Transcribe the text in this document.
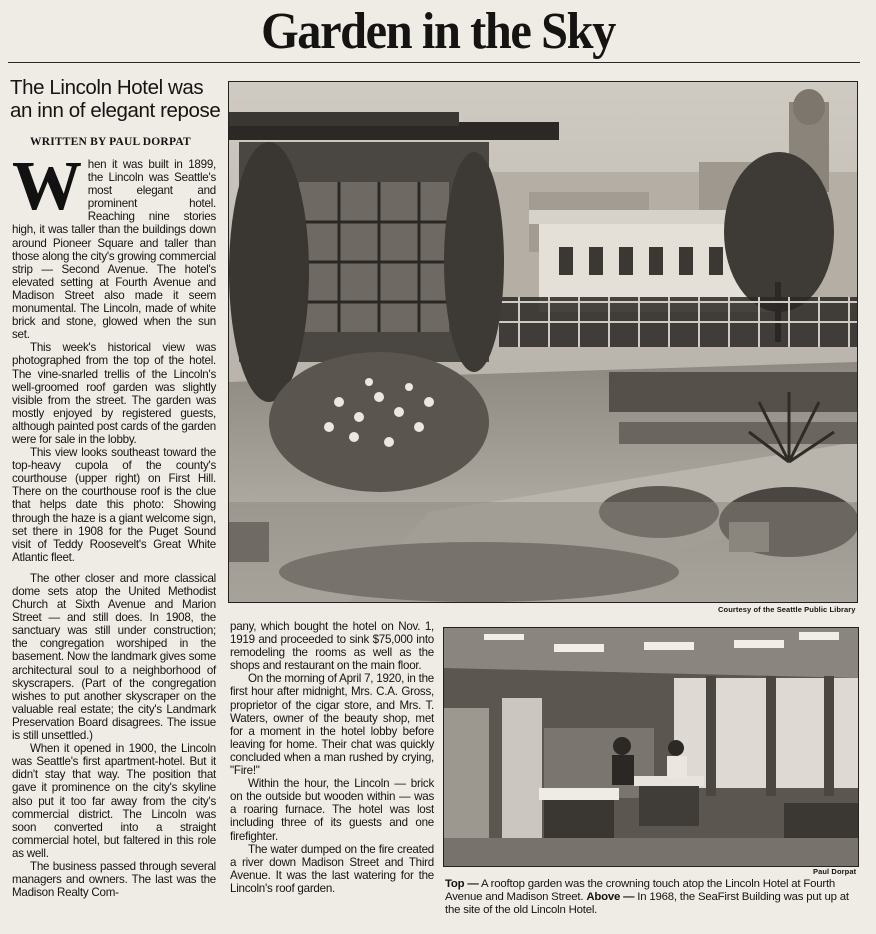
Garden in the Sky
The Lincoln Hotel was an inn of elegant repose
WRITTEN BY PAUL DORPAT

When it was built in 1899, the Lincoln was Seattle's most elegant and prominent hotel. Reaching nine stories high, it was taller than the buildings down around Pioneer Square and taller than those along the city's growing commercial strip — Second Avenue. The hotel's elevated setting at Fourth Avenue and Madison Street also made it seem monumental. The Lincoln, made of white brick and stone, glowed when the sun set.

This week's historical view was photographed from the top of the hotel. The vine-snarled trellis of the Lincoln's well-groomed roof garden was slightly visible from the street. The garden was mostly enjoyed by registered guests, although painted post cards of the garden were for sale in the lobby.

This view looks southeast toward the top-heavy cupola of the county's courthouse (upper right) on First Hill. There on the courthouse roof is the clue that helps date this photo: Showing through the haze is a giant welcome sign, set there in 1908 for the Puget Sound visit of Teddy Roosevelt's Great White Atlantic fleet.

The other closer and more classical dome sets atop the United Methodist Church at Sixth Avenue and Marion Street — and still does. In 1908, the sanctuary was still under construction; the congregation worshiped in the basement. Now the landmark gives some architectural soul to a neighborhood of skyscrapers. (Part of the congregation wishes to put another skyscraper on the valuable real estate; the city's Landmark Preservation Board disagrees. The issue is still unsettled.)

When it opened in 1900, the Lincoln was Seattle's first apartment-hotel. But it didn't stay that way. The position that gave it prominence on the city's skyline also put it too far away from the city's commercial district. The Lincoln was soon converted into a straight commercial hotel, but faltered in this role as well.

The business passed through several managers and owners. The last was the Madison Realty Com-

pany, which bought the hotel on Nov. 1, 1919 and proceeded to sink $75,000 into remodeling the rooms as well as the shops and restaurant on the main floor.

On the morning of April 7, 1920, in the first hour after midnight, Mrs. C.A. Gross, proprietor of the cigar store, and Mrs. T. Waters, owner of the beauty shop, met for a moment in the hotel lobby before leaving for home. Their chat was quickly concluded when a man rushed by crying, "Fire!"

Within the hour, the Lincoln — brick on the outside but wooden within — was a roaring furnace. The hotel was lost including three of its guests and one firefighter.

The water dumped on the fire created a river down Madison Street and Third Avenue. It was the last watering for the Lincoln's roof garden.

Courtesy of the Seattle Public Library
Paul Dorpat
Top — A rooftop garden was the crowning touch atop the Lincoln Hotel at Fourth Avenue and Madison Street. Above — In 1968, the SeaFirst Building was put up at the site of the old Lincoln Hotel.
